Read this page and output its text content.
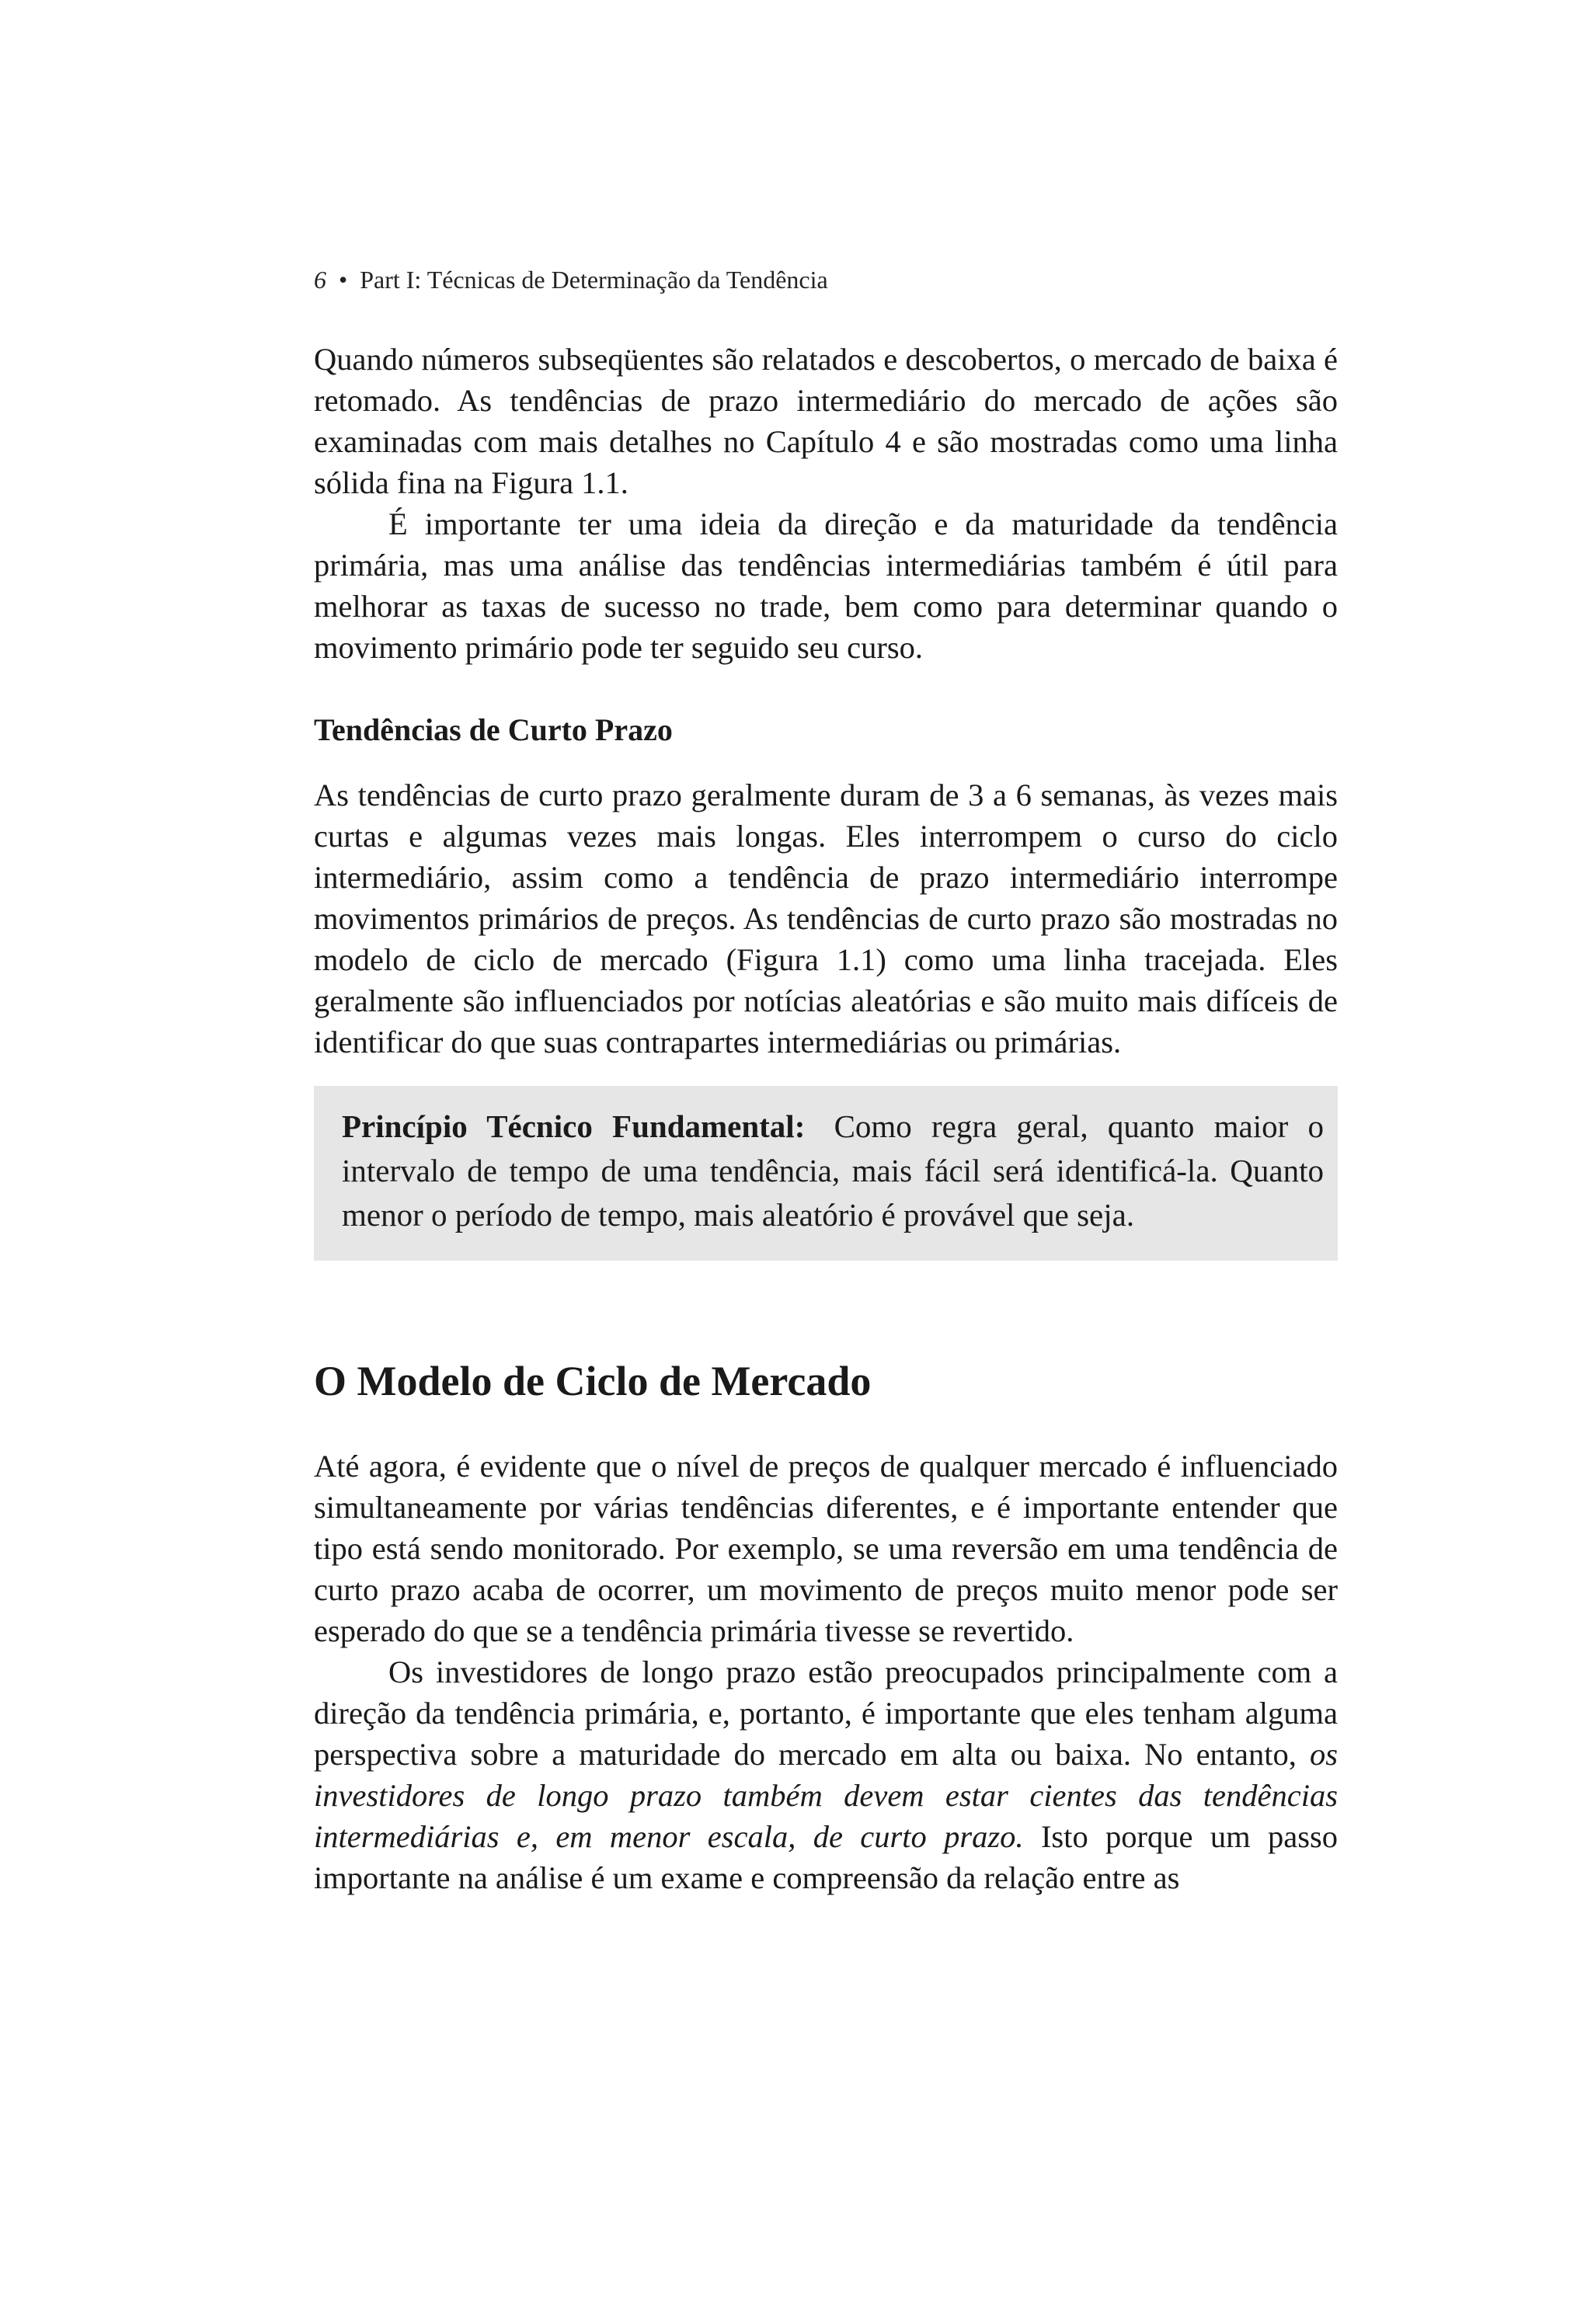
6 • Part I: Técnicas de Determinação da Tendência

Quando números subseqüentes são relatados e descobertos, o mercado de baixa é retomado. As tendências de prazo intermediário do mercado de ações são examinadas com mais detalhes no Capítulo 4 e são mostradas como uma linha sólida fina na Figura 1.1.

É importante ter uma ideia da direção e da maturidade da tendência primária, mas uma análise das tendências intermediárias também é útil para melhorar as taxas de sucesso no trade, bem como para determinar quando o movimento primário pode ter seguido seu curso.

Tendências de Curto Prazo

As tendências de curto prazo geralmente duram de 3 a 6 semanas, às vezes mais curtas e algumas vezes mais longas. Eles interrompem o curso do ciclo intermediário, assim como a tendência de prazo intermediário interrompe movimentos primários de preços. As tendências de curto prazo são mostradas no modelo de ciclo de mercado (Figura 1.1) como uma linha tracejada. Eles geralmente são influenciados por notícias aleatórias e são muito mais difíceis de identificar do que suas contrapartes intermediárias ou primárias.

Princípio Técnico Fundamental: Como regra geral, quanto maior o intervalo de tempo de uma tendência, mais fácil será identificá-la. Quanto menor o período de tempo, mais aleatório é provável que seja.

O Modelo de Ciclo de Mercado

Até agora, é evidente que o nível de preços de qualquer mercado é influenciado simultaneamente por várias tendências diferentes, e é importante entender que tipo está sendo monitorado. Por exemplo, se uma reversão em uma tendência de curto prazo acaba de ocorrer, um movimento de preços muito menor pode ser esperado do que se a tendência primária tivesse se revertido.

Os investidores de longo prazo estão preocupados principalmente com a direção da tendência primária, e, portanto, é importante que eles tenham alguma perspectiva sobre a maturidade do mercado em alta ou baixa. No entanto, os investidores de longo prazo também devem estar cientes das tendências intermediárias e, em menor escala, de curto prazo. Isto porque um passo importante na análise é um exame e compreensão da relação entre as
